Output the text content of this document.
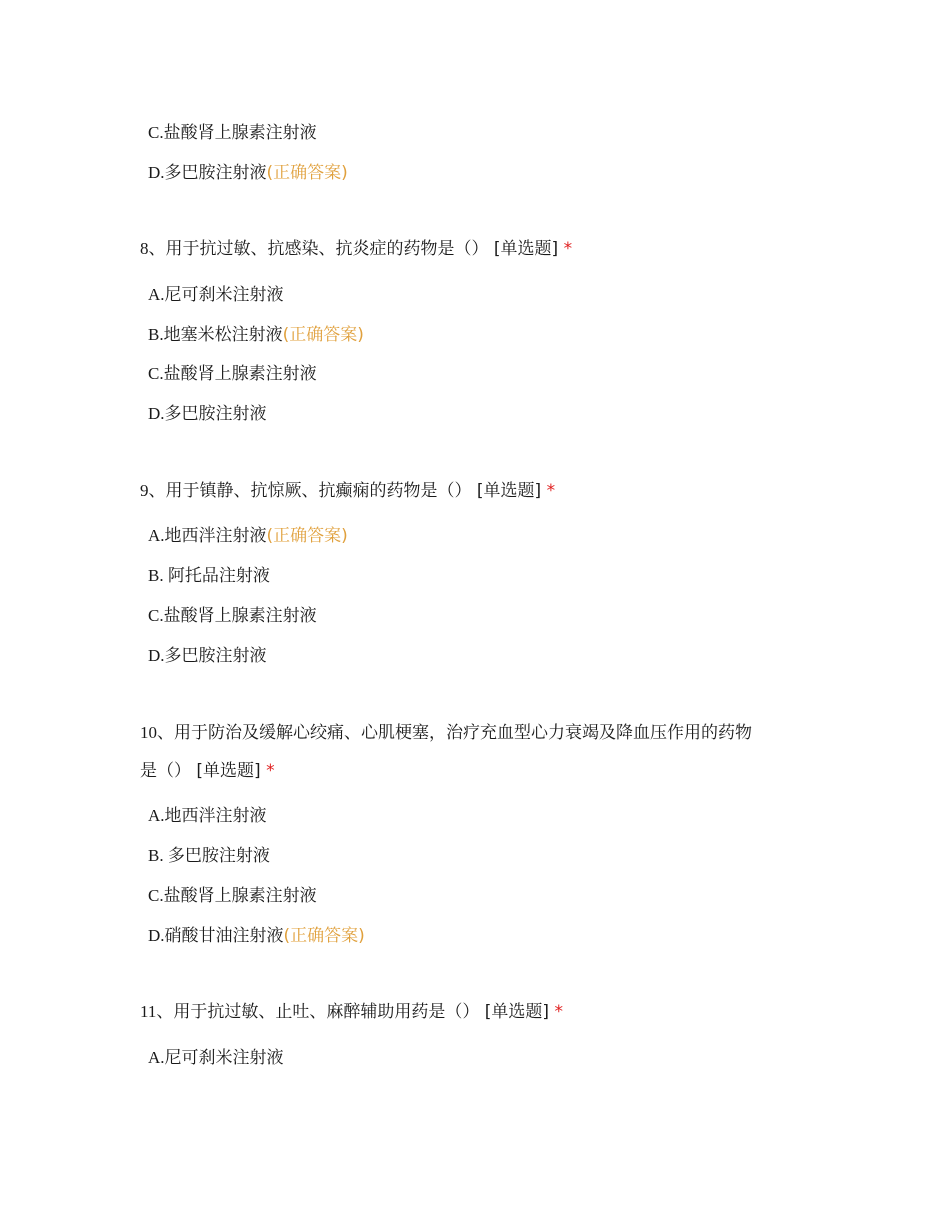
C.盐酸肾上腺素注射液
D.多巴胺注射液(正确答案)
8、用于抗过敏、抗感染、抗炎症的药物是（） [单选题] *
A.尼可刹米注射液
B.地塞米松注射液(正确答案)
C.盐酸肾上腺素注射液
D.多巴胺注射液
9、用于镇静、抗惊厥、抗癫痫的药物是（） [单选题] *
A.地西泮注射液(正确答案)
B. 阿托品注射液
C.盐酸肾上腺素注射液
D.多巴胺注射液
10、用于防治及缓解心绞痛、心肌梗塞，治疗充血型心力衰竭及降血压作用的药物
是（） [单选题] *
A.地西泮注射液
B. 多巴胺注射液
C.盐酸肾上腺素注射液
D.硝酸甘油注射液(正确答案)
11、用于抗过敏、止吐、麻醉辅助用药是（） [单选题] *
A.尼可刹米注射液
